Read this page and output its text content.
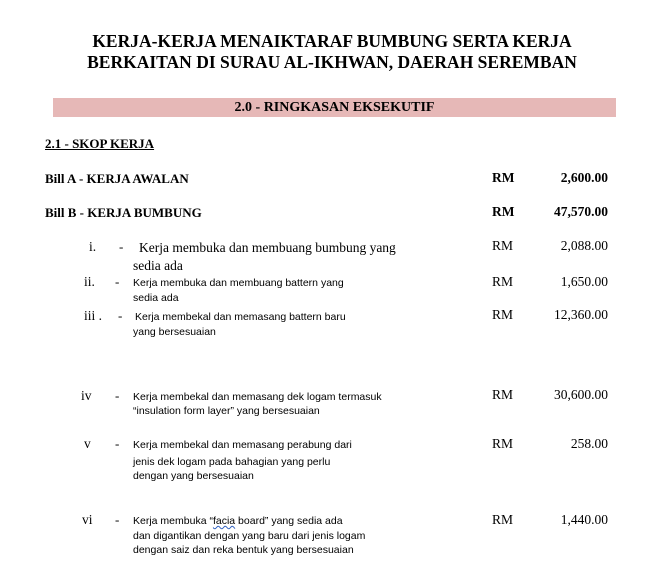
KERJA-KERJA MENAIKTARAF BUMBUNG SERTA KERJA
BERKAITAN DI SURAU AL-IKHWAN, DAERAH SEREMBAN
2.0 - RINGKASAN EKSEKUTIF
2.1 - SKOP KERJA
Bill A - KERJA AWALAN	RM	2,600.00
Bill B - KERJA BUMBUNG	RM	47,570.00
i. - Kerja membuka dan membuang bumbung yang
sedia ada
RM	2,088.00
ii. - Kerja membuka dan membuang battern yang
sedia ada
RM	1,650.00
iii . - Kerja membekal dan memasang battern baru
yang bersesuaian
RM	12,360.00
iv - Kerja membekal dan memasang dek logam termasuk
“insulation form layer” yang bersesuaian
RM	30,600.00
v - Kerja membekal dan memasang perabung dari
jenis dek logam pada bahagian yang perlu
dengan yang bersesuaian
RM	258.00
vi - Kerja membuka “facia board” yang sedia ada
dan digantikan dengan yang baru dari jenis logam
dengan saiz dan reka bentuk yang bersesuaian
RM	1,440.00
